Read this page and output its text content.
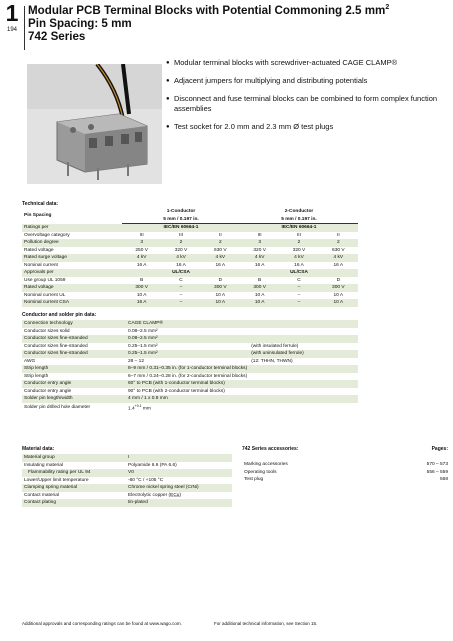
1
194
Modular PCB Terminal Blocks with Potential Commoning 2.5 $mm^2$
Pin Spacing: 5 mm
742 Series
● Modular terminal blocks with screwdriver-actuated CAGE CLAMP®
● Adjacent jumpers for multiplying and distributing potentials
● Disconnect and fuse terminal blocks can be combined to form complex function assemblies
● Test socket for 2.0 mm and 2.3 mm Ø test plugs
Technical data:
Pin Spacing	1-Conductor			2-Conductor		
	5 mm / 0.197 in.			5 mm / 0.197 in.		
Ratings per	IEC/EN 60664-1			IEC/EN 60664-1		
Overvoltage category	III	III	II	III	III	II
Pollution degree	3	2	2	3	2	2
Rated voltage	250 V	320 V	630 V	320 V	320 V	630 V
Rated surge voltage	4 kV	4 kV	4 kV	4 kV	4 kV	4 kV
Nominal current	16 A	16 A	16 A	16 A	16 A	16 A
Approvals per	UL/CSA			UL/CSA		
Use group UL 1059	B	C	D	B	C	D
Rated voltage	300 V	–	300 V	300 V	–	300 V
Nominal current UL	10 A	–	10 A	10 A	–	10 A
Nominal current CSA	16 A	–	10 A	10 A	–	10 A
Conductor and solder pin data:
Connection technology	CAGE CLAMP®	
Conductor sizes solid	0.08–2.5 mm²	
Conductor sizes fine-stranded	0.08–2.5 mm²	
Conductor sizes fine-stranded	0.25–1.5 mm²	(with insulated ferrule)
Conductor sizes fine-stranded	0.25–1.5 mm²	(with uninsulated ferrule)
AWG	28 – 12	(12: THHN, THWN)
Strip length	8–9 mm / 0.31–0.35 in. (for 1-conductor terminal blocks)	
Strip length	6–7 mm / 0.24–0.28 in. (for 2-conductor terminal blocks)	
Conductor entry angle	60° to PCB (with 1-conductor terminal blocks)	
Conductor entry angle	90° to PCB (with 2-conductor terminal blocks)	
Solder pin length/width	4 mm / 1 x 0.8 mm	
Solder pin drilled hole diameter	$1.4^{+0.1}$ mm	
Material data:
Material group	I
Insulating material	Polyamide 6.6 (PA 6.6)
Flammability rating per UL 94	V0
Lower/Upper limit temperature	-60 °C / +105 °C
Clamping spring material	Chrome nickel spring steel (CrNi)
Contact material	Electrolytic copper (E̲C̲u̲)
Contact plating	tin-plated
742 Series accessories:	Pages:
Marking accessories	570 – 573
Operating tools	556 – 559
Test plug	568
Additional approvals and corresponding ratings can be found at www.wago.com.	For additional technical information, see Section 15.
